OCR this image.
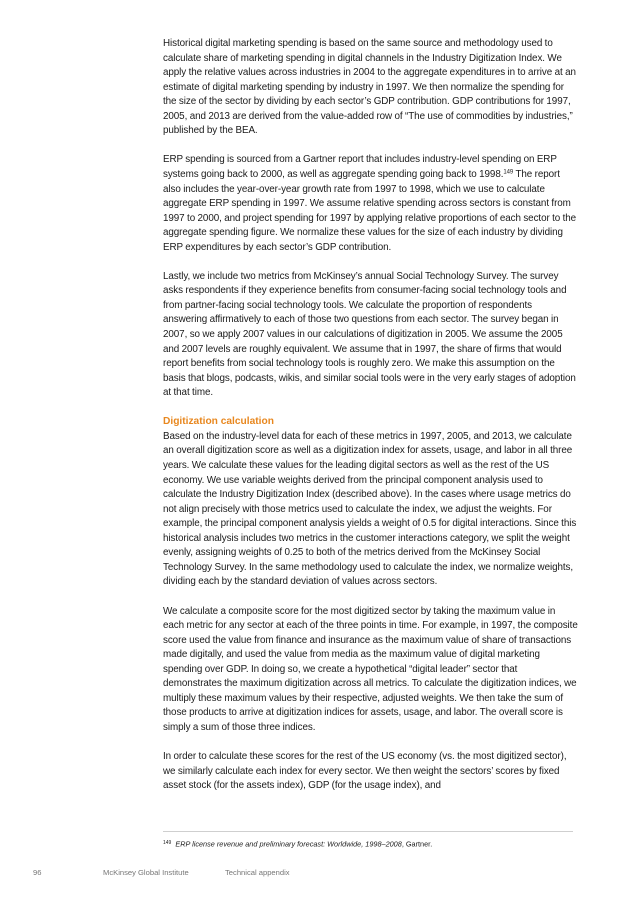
Historical digital marketing spending is based on the same source and methodology used to calculate share of marketing spending in digital channels in the Industry Digitization Index. We apply the relative values across industries in 2004 to the aggregate expenditures in to arrive at an estimate of digital marketing spending by industry in 1997. We then normalize the spending for the size of the sector by dividing by each sector’s GDP contribution. GDP contributions for 1997, 2005, and 2013 are derived from the value-added row of “The use of commodities by industries,” published by the BEA.

ERP spending is sourced from a Gartner report that includes industry-level spending on ERP systems going back to 2000, as well as aggregate spending going back to 1998.$^{149}$ The report also includes the year-over-year growth rate from 1997 to 1998, which we use to calculate aggregate ERP spending in 1997. We assume relative spending across sectors is constant from 1997 to 2000, and project spending for 1997 by applying relative proportions of each sector to the aggregate spending figure. We normalize these values for the size of each industry by dividing ERP expenditures by each sector’s GDP contribution.

Lastly, we include two metrics from McKinsey’s annual Social Technology Survey. The survey asks respondents if they experience benefits from consumer-facing social technology tools and from partner-facing social technology tools. We calculate the proportion of respondents answering affirmatively to each of those two questions from each sector. The survey began in 2007, so we apply 2007 values in our calculations of digitization in 2005. We assume the 2005 and 2007 levels are roughly equivalent. We assume that in 1997, the share of firms that would report benefits from social technology tools is roughly zero. We make this assumption on the basis that blogs, podcasts, wikis, and similar social tools were in the very early stages of adoption at that time.

Digitization calculation

Based on the industry-level data for each of these metrics in 1997, 2005, and 2013, we calculate an overall digitization score as well as a digitization index for assets, usage, and labor in all three years. We calculate these values for the leading digital sectors as well as the rest of the US economy. We use variable weights derived from the principal component analysis used to calculate the Industry Digitization Index (described above). In the cases where usage metrics do not align precisely with those metrics used to calculate the index, we adjust the weights. For example, the principal component analysis yields a weight of 0.5 for digital interactions. Since this historical analysis includes two metrics in the customer interactions category, we split the weight evenly, assigning weights of 0.25 to both of the metrics derived from the McKinsey Social Technology Survey. In the same methodology used to calculate the index, we normalize weights, dividing each by the standard deviation of values across sectors.

We calculate a composite score for the most digitized sector by taking the maximum value in each metric for any sector at each of the three points in time. For example, in 1997, the composite score used the value from finance and insurance as the maximum value of share of transactions made digitally, and used the value from media as the maximum value of digital marketing spending over GDP. In doing so, we create a hypothetical “digital leader” sector that demonstrates the maximum digitization across all metrics. To calculate the digitization indices, we multiply these maximum values by their respective, adjusted weights. We then take the sum of those products to arrive at digitization indices for assets, usage, and labor. The overall score is simply a sum of those three indices.

In order to calculate these scores for the rest of the US economy (vs. the most digitized sector), we similarly calculate each index for every sector. We then weight the sectors’ scores by fixed asset stock (for the assets index), GDP (for the usage index), and

$^{149}$ ERP license revenue and preliminary forecast: Worldwide, 1998–2008, Gartner.
96	McKinsey Global Institute	Technical appendix
